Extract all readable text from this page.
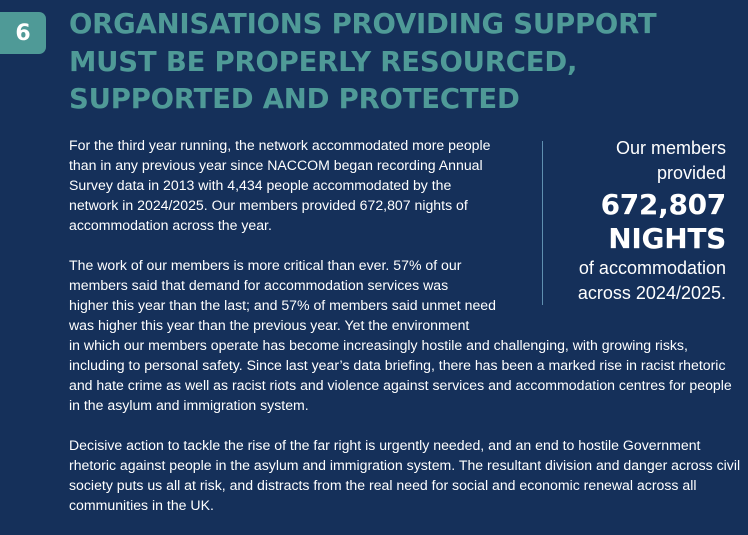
6 ORGANISATIONS PROVIDING SUPPORT
MUST BE PROPERLY RESOURCED,
SUPPORTED AND PROTECTED

For the third year running, the network accommodated more people
than in any previous year since NACCOM began recording Annual
Survey data in 2013 with 4,434 people accommodated by the
network in 2024/2025. Our members provided 672,807 nights of
accommodation across the year.

The work of our members is more critical than ever. 57% of our
members said that demand for accommodation services was
higher this year than the last; and 57% of members said unmet need
was higher this year than the previous year. Yet the environment
in which our members operate has become increasingly hostile and challenging, with growing risks, including to personal safety. Since last year’s data briefing, there has been a marked rise in racist rhetoric and hate crime as well as racist riots and violence against services and accommodation centres for people in the asylum and immigration system.

Decisive action to tackle the rise of the far right is urgently needed, and an end to hostile Government rhetoric against people in the asylum and immigration system. The resultant division and danger across civil society puts us all at risk, and distracts from the real need for social and economic renewal across all communities in the UK.

Our members
provided
672,807
NIGHTS
of accommodation
across 2024/2025.
